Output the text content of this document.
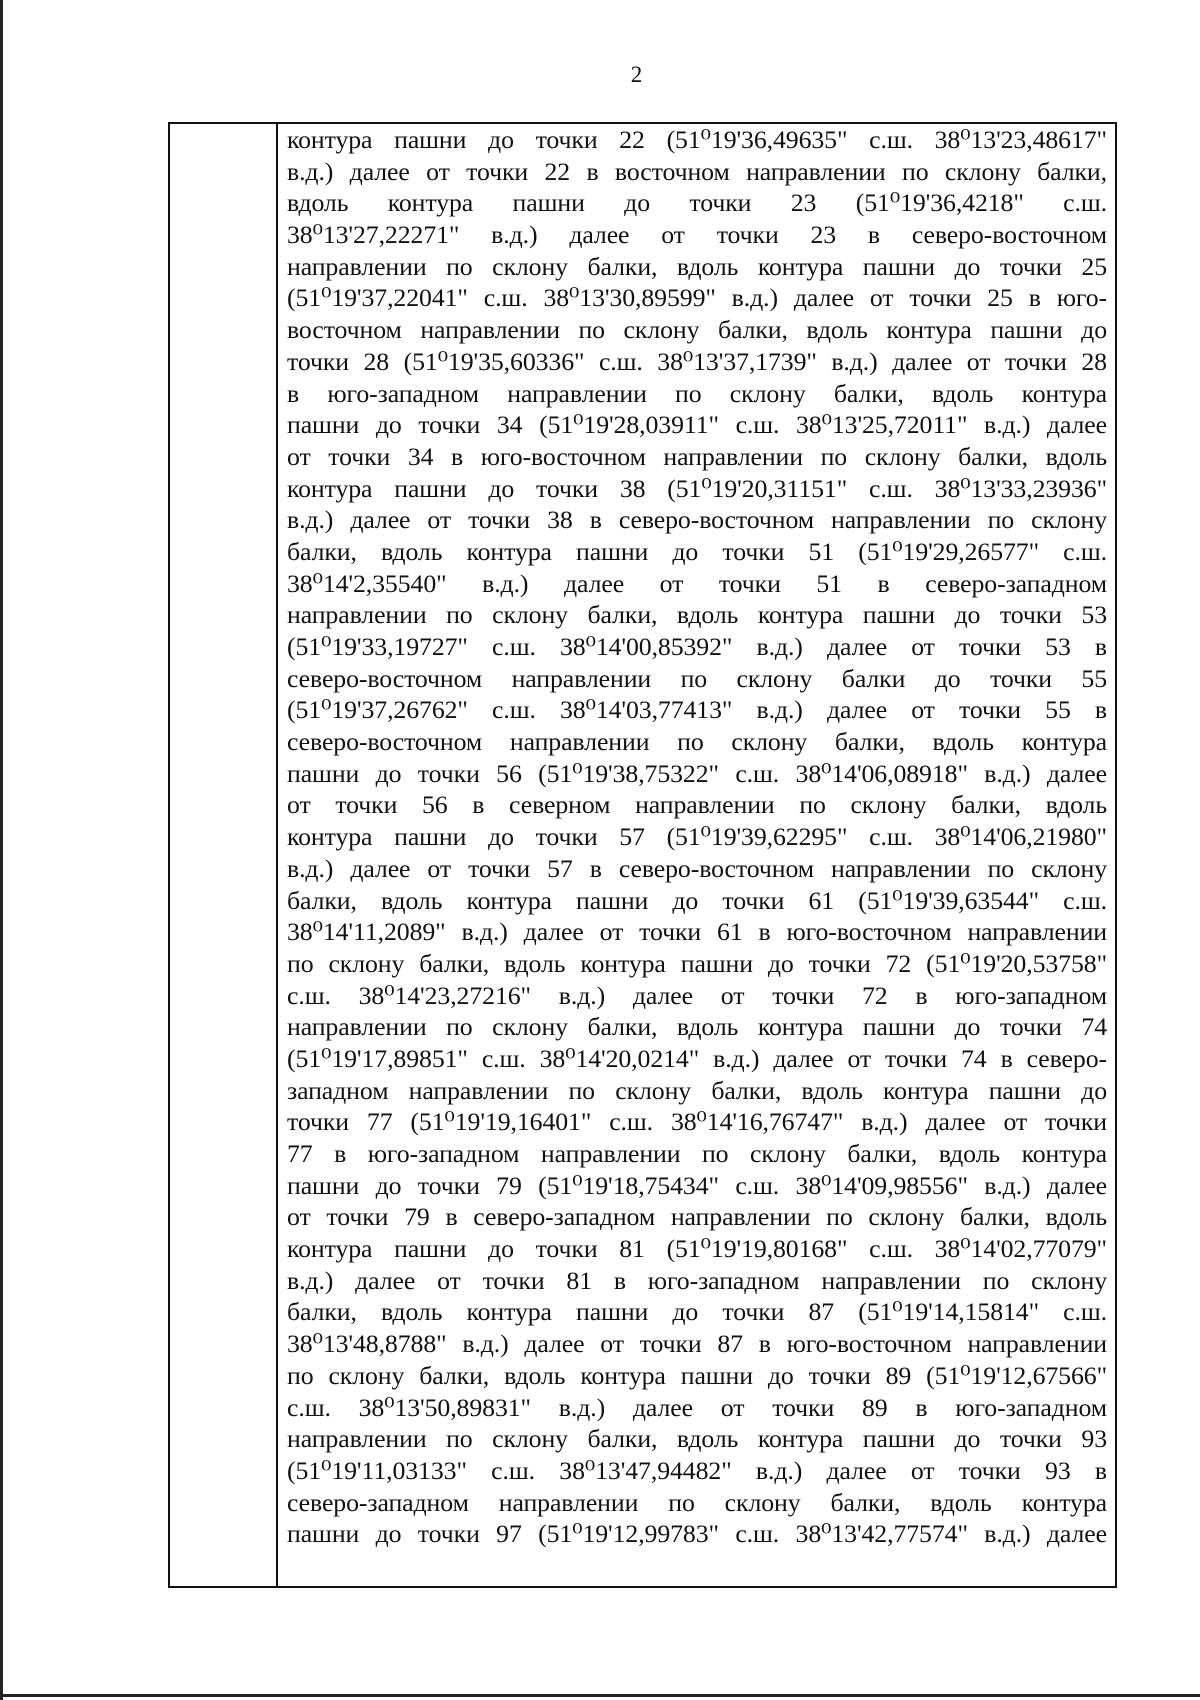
2
контура пашни до точки 22 (51⁰19'36,49635" с.ш. 38⁰13'23,48617"
в.д.) далее от точки 22 в восточном направлении по склону балки,
вдоль контура пашни до точки 23 (51⁰19'36,4218" с.ш.
38⁰13'27,22271" в.д.) далее от точки 23 в северо-восточном
направлении по склону балки, вдоль контура пашни до точки 25
(51⁰19'37,22041" с.ш. 38⁰13'30,89599" в.д.) далее от точки 25 в юго-
восточном направлении по склону балки, вдоль контура пашни до
точки 28 (51⁰19'35,60336" с.ш. 38⁰13'37,1739" в.д.) далее от точки 28
в юго-западном направлении по склону балки, вдоль контура
пашни до точки 34 (51⁰19'28,03911" с.ш. 38⁰13'25,72011" в.д.) далее
от точки 34 в юго-восточном направлении по склону балки, вдоль
контура пашни до точки 38 (51⁰19'20,31151" с.ш. 38⁰13'33,23936"
в.д.) далее от точки 38 в северо-восточном направлении по склону
балки, вдоль контура пашни до точки 51 (51⁰19'29,26577" с.ш.
38⁰14'2,35540" в.д.) далее от точки 51 в северо-западном
направлении по склону балки, вдоль контура пашни до точки 53
(51⁰19'33,19727" с.ш. 38⁰14'00,85392" в.д.) далее от точки 53 в
северо-восточном направлении по склону балки до точки 55
(51⁰19'37,26762" с.ш. 38⁰14'03,77413" в.д.) далее от точки 55 в
северо-восточном направлении по склону балки, вдоль контура
пашни до точки 56 (51⁰19'38,75322" с.ш. 38⁰14'06,08918" в.д.) далее
от точки 56 в северном направлении по склону балки, вдоль
контура пашни до точки 57 (51⁰19'39,62295" с.ш. 38⁰14'06,21980"
в.д.) далее от точки 57 в северо-восточном направлении по склону
балки, вдоль контура пашни до точки 61 (51⁰19'39,63544" с.ш.
38⁰14'11,2089" в.д.) далее от точки 61 в юго-восточном направлении
по склону балки, вдоль контура пашни до точки 72 (51⁰19'20,53758"
с.ш. 38⁰14'23,27216" в.д.) далее от точки 72 в юго-западном
направлении по склону балки, вдоль контура пашни до точки 74
(51⁰19'17,89851" с.ш. 38⁰14'20,0214" в.д.) далее от точки 74 в северо-
западном направлении по склону балки, вдоль контура пашни до
точки 77 (51⁰19'19,16401" с.ш. 38⁰14'16,76747" в.д.) далее от точки
77 в юго-западном направлении по склону балки, вдоль контура
пашни до точки 79 (51⁰19'18,75434" с.ш. 38⁰14'09,98556" в.д.) далее
от точки 79 в северо-западном направлении по склону балки, вдоль
контура пашни до точки 81 (51⁰19'19,80168" с.ш. 38⁰14'02,77079"
в.д.) далее от точки 81 в юго-западном направлении по склону
балки, вдоль контура пашни до точки 87 (51⁰19'14,15814" с.ш.
38⁰13'48,8788" в.д.) далее от точки 87 в юго-восточном направлении
по склону балки, вдоль контура пашни до точки 89 (51⁰19'12,67566"
с.ш. 38⁰13'50,89831" в.д.) далее от точки 89 в юго-западном
направлении по склону балки, вдоль контура пашни до точки 93
(51⁰19'11,03133" с.ш. 38⁰13'47,94482" в.д.) далее от точки 93 в
северо-западном направлении по склону балки, вдоль контура
пашни до точки 97 (51⁰19'12,99783" с.ш. 38⁰13'42,77574" в.д.) далее
